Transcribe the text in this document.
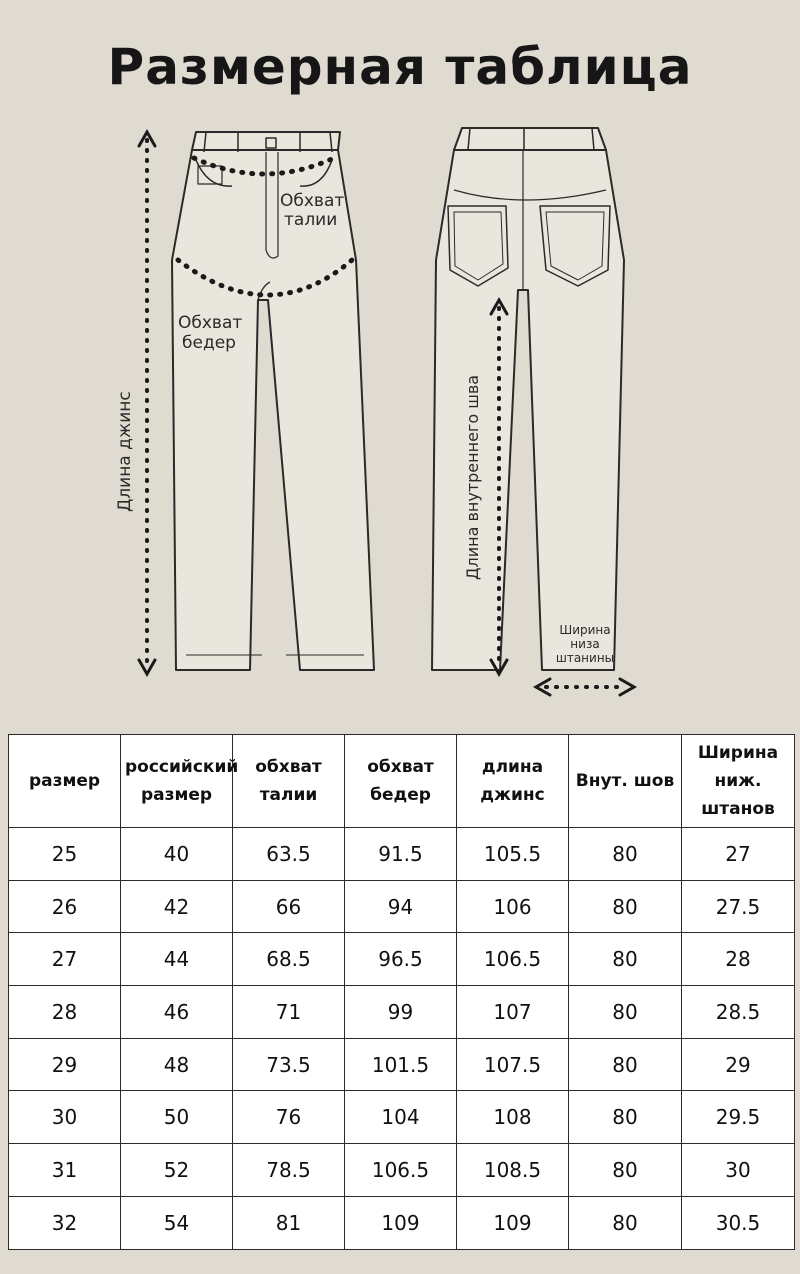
Размерная таблица
Обхват
талии
Обхват
бедер
Длина джинс	Длина внутреннего шва
Ширина
низа
штанины
размер	российский размер	обхват талии	обхват бедер	длина джинс	Внут. шов	Ширина ниж. штанов
25	40	63.5	91.5	105.5	80	27
26	42	66	94	106	80	27.5
27	44	68.5	96.5	106.5	80	28
28	46	71	99	107	80	28.5
29	48	73.5	101.5	107.5	80	29
30	50	76	104	108	80	29.5
31	52	78.5	106.5	108.5	80	30
32	54	81	109	109	80	30.5
